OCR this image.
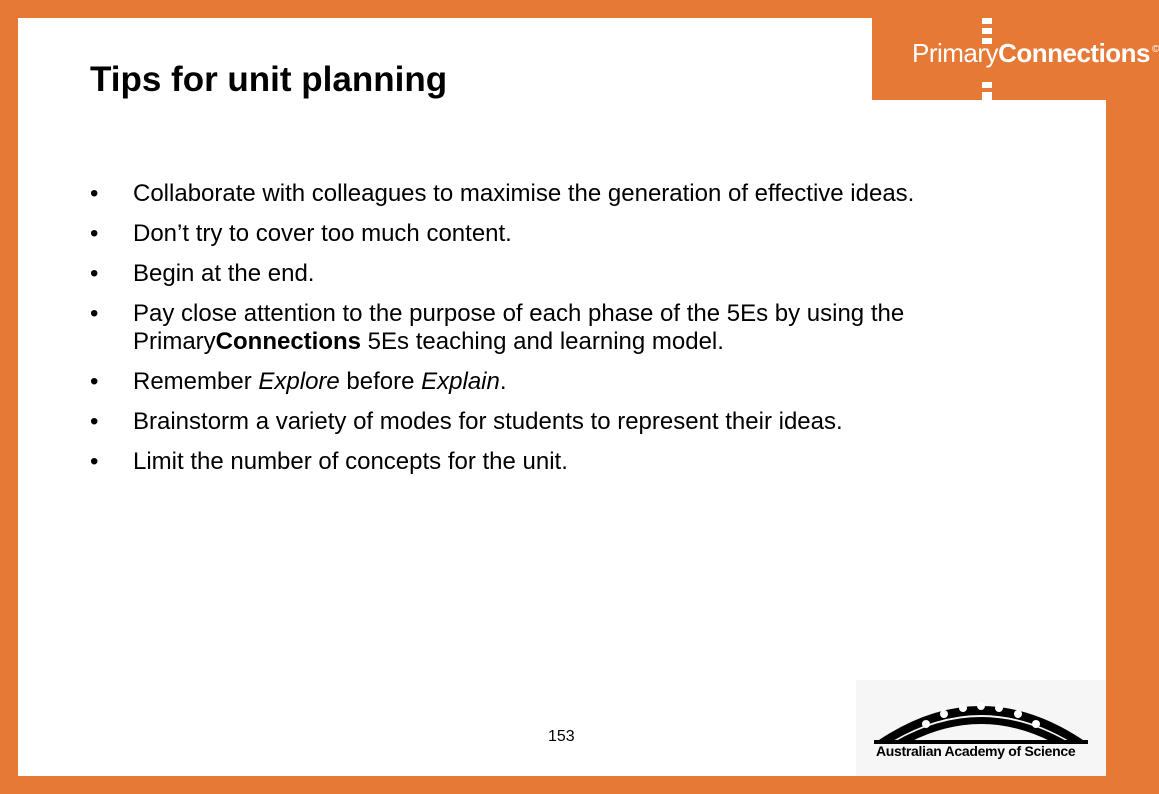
PrimaryConnections ©
Tips for unit planning
• Collaborate with colleagues to maximise the generation of effective ideas.
• Don’t try to cover too much content.
• Begin at the end.
• Pay close attention to the purpose of each phase of the 5Es by using the PrimaryConnections 5Es teaching and learning model.
• Remember Explore before Explain.
• Brainstorm a variety of modes for students to represent their ideas.
• Limit the number of concepts for the unit.
153
Australian Academy of Science
